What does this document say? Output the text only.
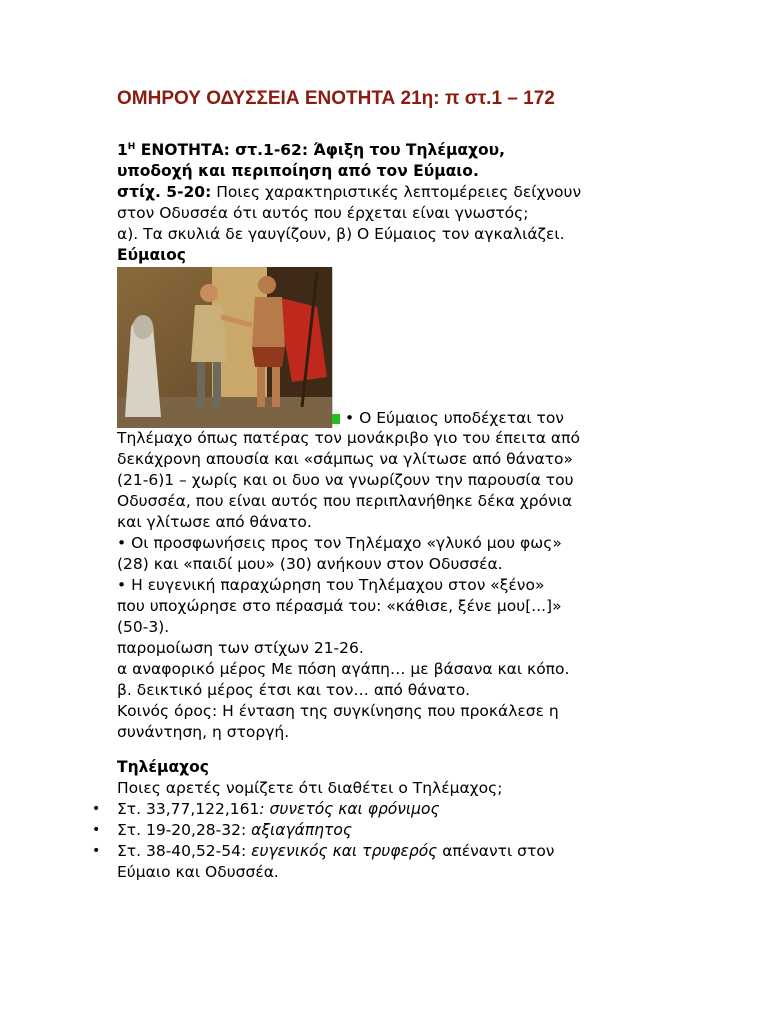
ΟΜΗΡΟΥ ΟΔΥΣΣΕΙΑ ΕΝΟΤΗΤΑ 21η: π στ.1 – 172

$1^H$ ΕΝΟΤΗΤΑ: στ.1-62: Άφιξη του Τηλέμαχου,

υποδοχή και περιποίηση από τον Εύμαιο.

στίχ. 5-20: Ποιες χαρακτηριστικές λεπτομέρειες δείχνουν

στον Οδυσσέα ότι αυτός που έρχεται είναι γνωστός;

α). Τα σκυλιά δε γαυγίζουν, β) Ο Εύμαιος τον αγκαλιάζει.

Εύμαιος

• Ο Εύμαιος υποδέχεται τον

Τηλέμαχο όπως πατέρας τον μονάκριβο γιο του έπειτα από

δεκάχρονη απουσία και «σάμπως να γλίτωσε από θάνατο»

(21-6)1 – χωρίς και οι δυο να γνωρίζουν την παρουσία του

Οδυσσέα, που είναι αυτός που περιπλανήθηκε δέκα χρόνια

και γλίτωσε από θάνατο.

• Οι προσφωνήσεις προς τον Τηλέμαχο «γλυκό μου φως»

(28) και «παιδί μου» (30) ανήκουν στον Οδυσσέα.

• Η ευγενική παραχώρηση του Τηλέμαχου στον «ξένο»

που υποχώρησε στο πέρασμά του: «κάθισε, ξένε μου[...]»

(50-3).

παρομοίωση των στίχων 21-26.

α αναφορικό μέρος Με πόση αγάπη… με βάσανα και κόπο.

β. δεικτικό μέρος έτσι και τον… από θάνατο.

Κοινός όρος: Η ένταση της συγκίνησης που προκάλεσε η

συνάντηση, η στοργή.

Τηλέμαχος

Ποιες αρετές νομίζετε ότι διαθέτει ο Τηλέμαχος;

• Στ. 33,77,122,161: συνετός και φρόνιμος
• Στ. 19-20,28-32: αξιαγάπητος
• Στ. 38-40,52-54: ευγενικός και τρυφερός απέναντι στον

Εύμαιο και Οδυσσέα.
